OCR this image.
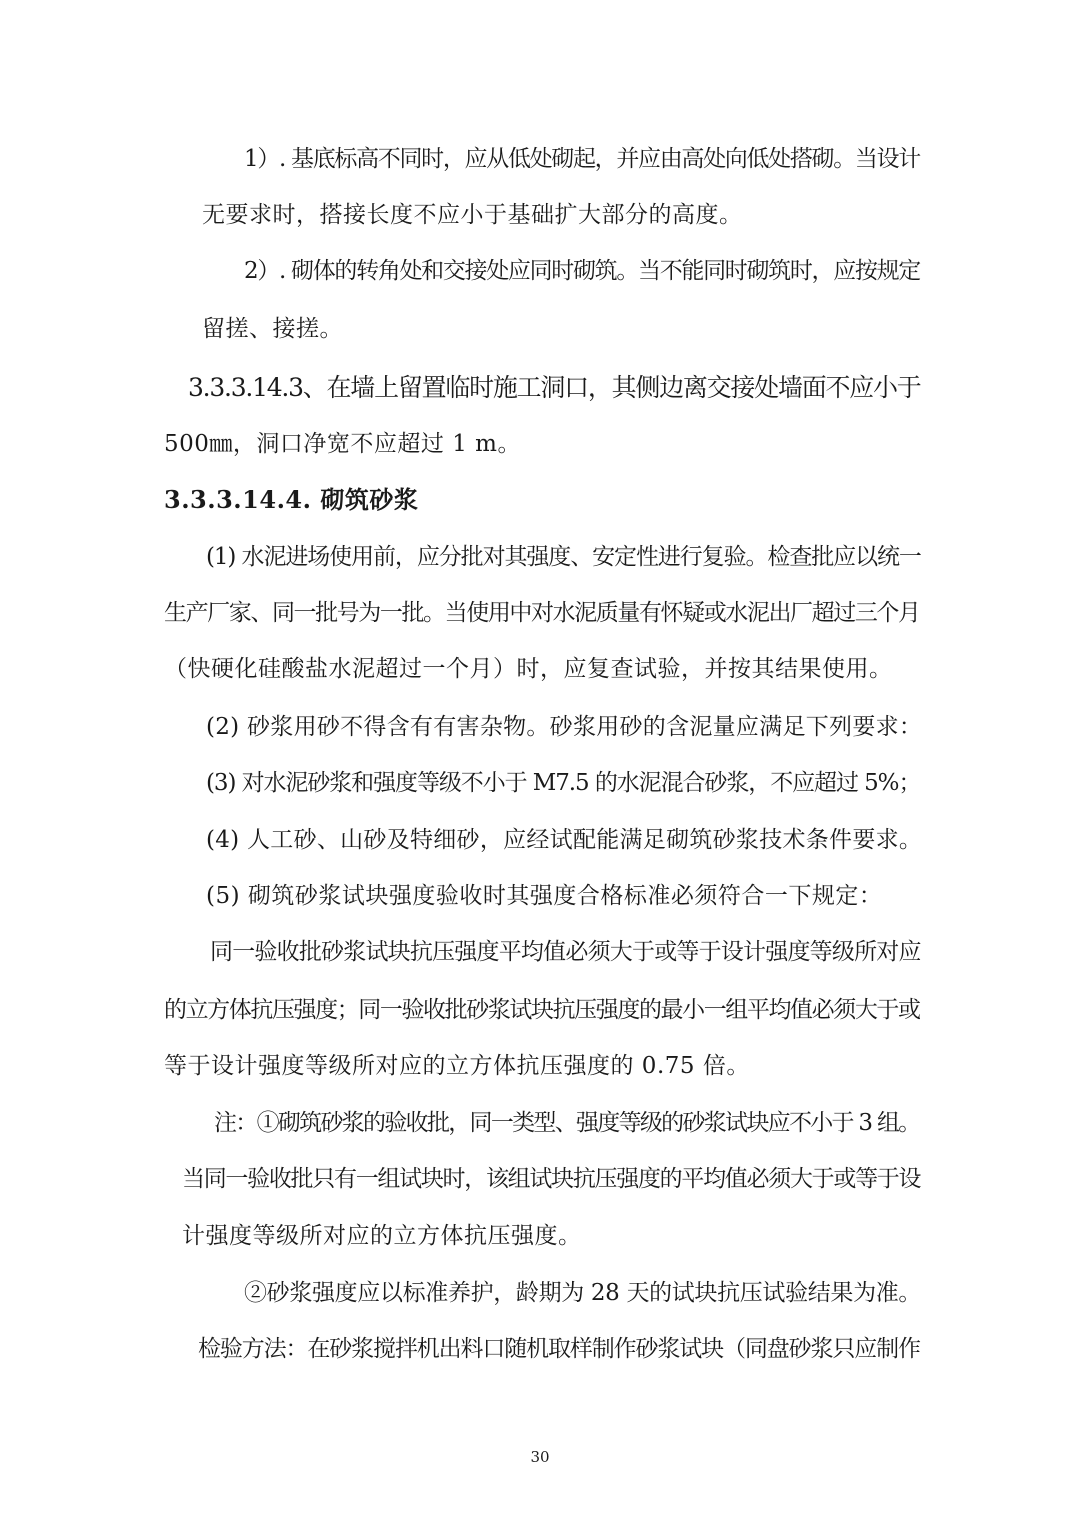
1）. 基底标高不同时，应从低处砌起，并应由高处向低处搭砌。当设计
无要求时，搭接长度不应小于基础扩大部分的高度。
2）. 砌体的转角处和交接处应同时砌筑。当不能同时砌筑时，应按规定
留搓、接搓。
3.3.3.14.3、在墙上留置临时施工洞口，其侧边离交接处墙面不应小于
500㎜，洞口净宽不应超过 1 m。
3.3.3.14.4. 砌筑砂浆
(1) 水泥进场使用前，应分批对其强度、安定性进行复验。检查批应以统一
生产厂家、同一批号为一批。当使用中对水泥质量有怀疑或水泥出厂超过三个月
（快硬化硅酸盐水泥超过一个月）时，应复查试验，并按其结果使用。
(2) 砂浆用砂不得含有有害杂物。砂浆用砂的含泥量应满足下列要求：
(3) 对水泥砂浆和强度等级不小于 M7.5 的水泥混合砂浆，不应超过 5%；
(4) 人工砂、山砂及特细砂，应经试配能满足砌筑砂浆技术条件要求。
(5) 砌筑砂浆试块强度验收时其强度合格标准必须符合一下规定：
同一验收批砂浆试块抗压强度平均值必须大于或等于设计强度等级所对应
的立方体抗压强度；同一验收批砂浆试块抗压强度的最小一组平均值必须大于或
等于设计强度等级所对应的立方体抗压强度的 0.75 倍。
注：①砌筑砂浆的验收批，同一类型、强度等级的砂浆试块应不小于 3 组。
当同一验收批只有一组试块时，该组试块抗压强度的平均值必须大于或等于设
计强度等级所对应的立方体抗压强度。
②砂浆强度应以标准养护，龄期为 28 天的试块抗压试验结果为准。
检验方法：在砂浆搅拌机出料口随机取样制作砂浆试块（同盘砂浆只应制作
30
